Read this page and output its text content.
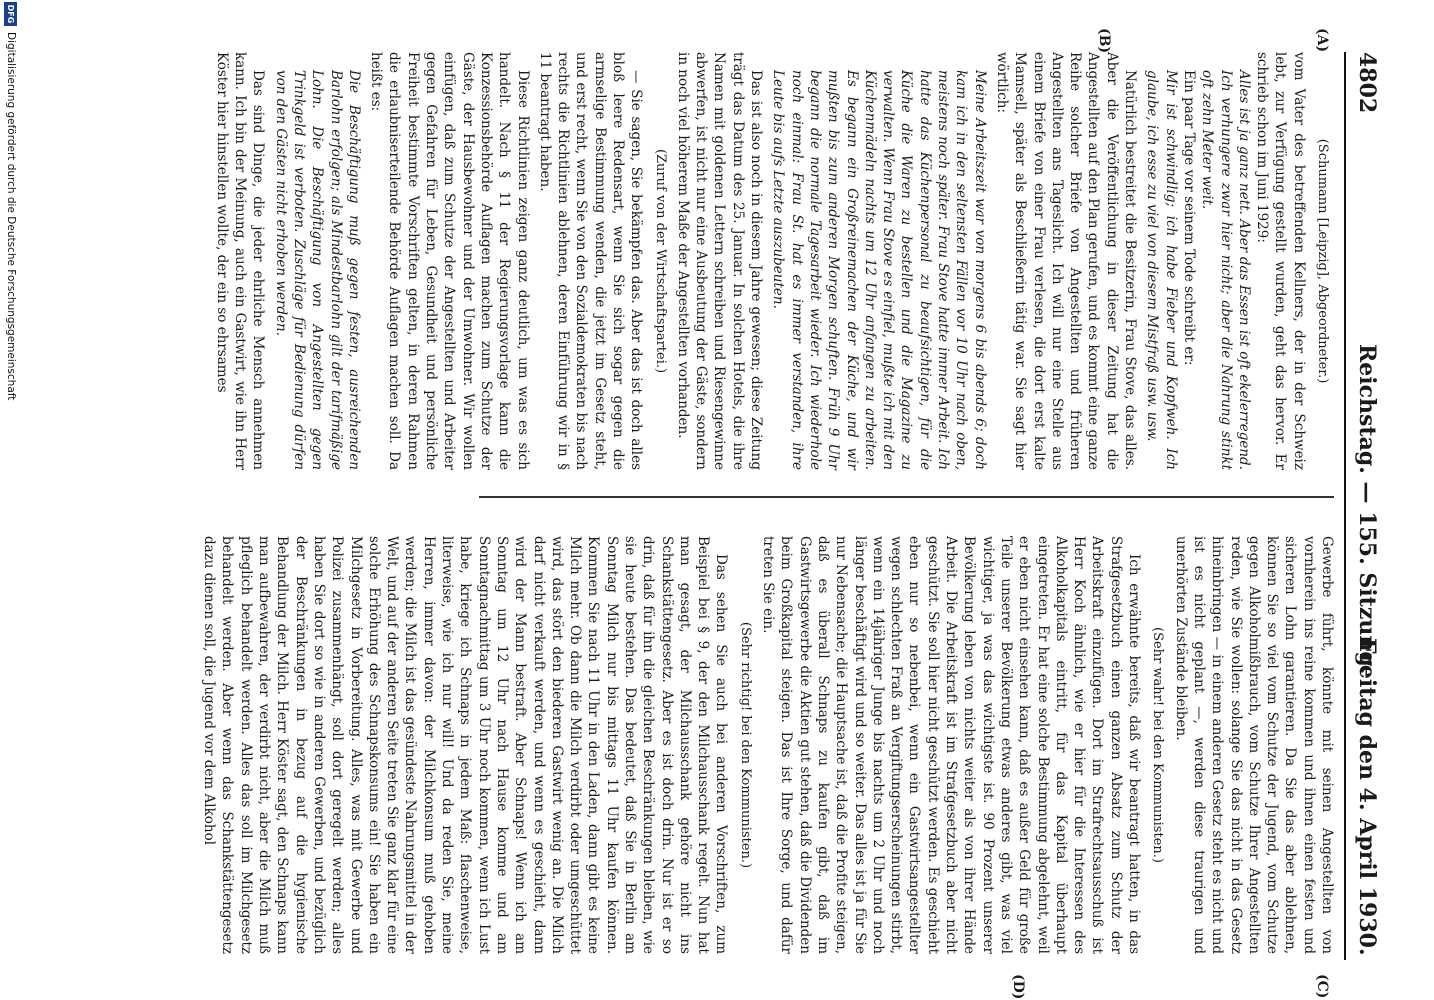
4802
Reichstag. — 155. Sitzung.
Freitag den 4. April 1930.
(A)
(B)
(C)
(D)

(Schumann [Leipzig], Abgeordneter.)

vom Vater des betreffenden Kellners, der in der Schweiz lebt, zur Verfügung gestellt wurden, geht das hervor. Er schrieb schon im Juni 1929:

Alles ist ja ganz nett. Aber das Essen ist oft ekelerregend. Ich verhungere zwar hier nicht; aber die Nahrung stinkt oft zehn Meter weit.

Ein paar Tage vor seinem Tode schreibt er:

Mir ist schwindlig; ich habe Fieber und Kopfweh. Ich glaube, ich esse zu viel von diesem Mistfraß usw. usw.

Natürlich bestreitet die Besitzerin, Frau Stove, das alles. Aber die Veröffentlichung in dieser Zeitung hat die Angestellten auf den Plan gerufen, und es kommt eine ganze Reihe solcher Briefe von Angestellten und früheren Angestellten ans Tageslicht. Ich will nur eine Stelle aus einem Briefe von einer Frau verlesen, die dort erst kalte Mamsell, später als Beschließerin tätig war. Sie sagt hier wörtlich:

Meine Arbeitszeit war von morgens 6 bis abends 6; doch kam ich in den seltensten Fällen vor 10 Uhr nach oben, meistens noch später. Frau Stove hatte immer Arbeit. Ich hatte das Küchenpersonal zu beaufsichtigen, für die Küche die Waren zu bestellen und die Magazine zu verwalten. Wenn Frau Stove es einfiel, mußte ich mit den Küchenmädeln nachts um 12 Uhr anfangen zu arbeiten. Es begann ein Großreinemachen der Küche, und wir mußten bis zum anderen Morgen schuften. Früh 9 Uhr begann die normale Tagesarbeit wieder. Ich wiederhole noch einmal: Frau St. hat es immer verstanden, ihre Leute bis aufs Letzte auszubeuten.

Das ist also noch in diesem Jahre gewesen; diese Zeitung trägt das Datum des 25. Januar. In solchen Hotels, die ihre Namen mit goldenen Lettern schreiben und Riesengewinne abwerfen, ist nicht nur eine Ausbeutung der Gäste, sondern in noch viel höherem Maße der Angestellten vorhanden.

(Zuruf von der Wirtschaftspartei.)

— Sie sagen, Sie bekämpfen das. Aber das ist doch alles bloß leere Redensart, wenn Sie sich sogar gegen die armselige Bestimmung wenden, die jetzt im Gesetz steht, und erst recht, wenn Sie von den Sozialdemokraten bis nach rechts die Richtlinien ablehnen, deren Einführung wir in § 11 beantragt haben.

Diese Richtlinien zeigen ganz deutlich, um was es sich handelt. Nach § 11 der Regierungsvorlage kann die Konzessionsbehörde Auflagen machen zum Schutze der Gäste, der Hausbewohner und der Umwohner. Wir wollen einfügen, daß zum Schutze der Angestellten und Arbeiter gegen Gefahren für Leben, Gesundheit und persönliche Freiheit bestimmte Vorschriften gelten, in deren Rahmen die erlaubniserteilende Behörde Auflagen machen soll. Da heißt es:

Die Beschäftigung muß gegen festen, ausreichenden Barlohn erfolgen; als Mindestbarlohn gilt der tarifmäßige Lohn. Die Beschäftigung von Angestellten gegen Trinkgeld ist verboten. Zuschläge für Bedienung dürfen von den Gästen nicht erhoben werden.

Das sind Dinge, die jeder ehrliche Mensch annehmen kann. Ich bin der Meinung, auch ein Gastwirt, wie ihn Herr Köster hier hinstellen wollte, der ein so ehrsames

Gewerbe führt, könnte mit seinen Angestellten von vornherein ins reine kommen und ihnen einen festen und sicheren Lohn garantieren. Da Sie das aber ablehnen, können Sie so viel vom Schutze der Jugend, vom Schutze gegen Alkoholmißbrauch, vom Schutze Ihrer Angestellten reden, wie Sie wollen: solange Sie das nicht in das Gesetz hineinbringen — in einem anderen Gesetz steht es nicht und ist es nicht geplant —, werden diese traurigen und unerhörten Zustände bleiben.

(Sehr wahr! bei den Kommunisten.)

Ich erwähnte bereits, daß wir beantragt hatten, in das Strafgesetzbuch einen ganzen Absatz zum Schutz der Arbeitskraft einzufügen. Dort im Strafrechtsausschuß ist Herr Koch ähnlich, wie er hier für die Interessen des Alkoholkapitals eintritt, für das Kapital überhaupt eingetreten. Er hat eine solche Bestimmung abgelehnt, weil er eben nicht einsehen kann, daß es außer Geld für große Teile unserer Bevölkerung etwas anderes gibt, was viel wichtiger, ja was das wichtigste ist. 90 Prozent unserer Bevölkerung leben von nichts weiter als von ihrer Hände Arbeit. Die Arbeitskraft ist im Strafgesetzbuch aber nicht geschützt. Sie soll hier nicht geschützt werden. Es geschieht eben nur so nebenbei, wenn ein Gastwirtsangestellter wegen schlechten Fraß an Vergiftungserscheinungen stirbt, wenn ein 14jähriger Junge bis nachts um 2 Uhr und noch länger beschäftigt wird und so weiter. Das alles ist ja für Sie nur Nebensache; die Hauptsache ist, daß die Profite steigen, daß es überall Schnaps zu kaufen gibt, daß im Gastwirtsgewerbe die Aktien gut stehen, daß die Dividenden beim Großkapital steigen. Das ist Ihre Sorge, und dafür treten Sie ein.

(Sehr richtig! bei den Kommunisten.)

Das sehen Sie auch bei anderen Vorschriften, zum Beispiel bei § 9, der den Milchausschank regelt. Nun hat man gesagt, der Milchausschank gehöre nicht ins Schankstättengesetz. Aber es ist doch drin. Nur ist er so drin, daß für ihn die gleichen Beschränkungen bleiben, wie sie heute bestehen. Das bedeutet, daß Sie in Berlin am Sonntag Milch nur bis mittags 11 Uhr kaufen können. Kommen Sie nach 11 Uhr in den Laden, dann gibt es keine Milch mehr. Ob dann die Milch verdirbt oder umgeschüttet wird, das stört den biederen Gastwirt wenig an. Die Milch darf nicht verkauft werden, und wenn es geschieht, dann wird der Mann bestraft. Aber Schnaps! Wenn ich am Sonntag um 12 Uhr nach Hause komme und am Sonntagnachmittag um 3 Uhr noch kommen, wenn ich Lust habe, kriege ich Schnaps in jedem Maß: flaschenweise, literweise, wie ich nur will! Und da reden Sie, meine Herren, immer davon: der Milchkonsum muß gehoben werden; die Milch ist das gesündeste Nahrungsmittel in der Welt, und auf der anderen Seite treten Sie ganz klar für eine solche Erhöhung des Schnapskonsums ein! Sie haben ein Milchgesetz in Vorbereitung. Alles, was mit Gewerbe und Polizei zusammenhängt, soll dort geregelt werden; alles haben Sie dort so wie in anderen Gewerben, und bezüglich der Beschränkungen in bezug auf die hygienische Behandlung der Milch. Herr Köster sagt, den Schnaps kann man aufbewahren, der verdirbt nicht, aber die Milch muß pfleglich behandelt werden. Alles das soll im Milchgesetz behandelt werden. Aber wenn das Schankstättengesetz dazu dienen soll, die Jugend vor dem Alkohol

DFG
Digitalisierung gefördert durch die Deutsche Forschungsgemeinschaft
